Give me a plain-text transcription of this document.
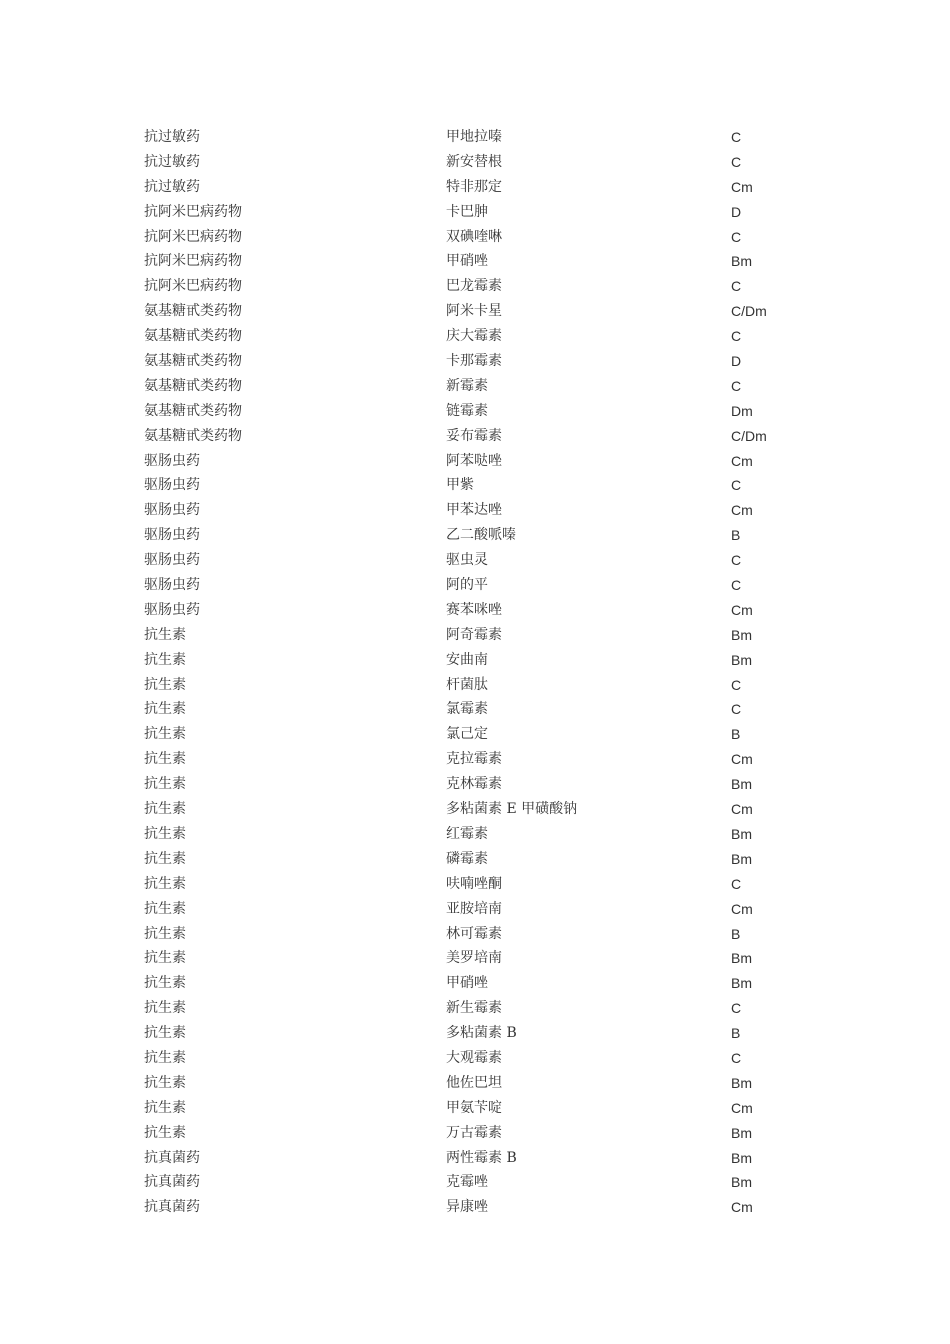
抗过敏药	甲地拉嗪	C
抗过敏药	新安替根	C
抗过敏药	特非那定	Cm
抗阿米巴病药物	卡巴胂	D
抗阿米巴病药物	双碘喹啉	C
抗阿米巴病药物	甲硝唑	Bm
抗阿米巴病药物	巴龙霉素	C
氨基糖甙类药物	阿米卡星	C/Dm
氨基糖甙类药物	庆大霉素	C
氨基糖甙类药物	卡那霉素	D
氨基糖甙类药物	新霉素	C
氨基糖甙类药物	链霉素	Dm
氨基糖甙类药物	妥布霉素	C/Dm
驱肠虫药	阿苯哒唑	Cm
驱肠虫药	甲紫	C
驱肠虫药	甲苯达唑	Cm
驱肠虫药	乙二酸哌嗪	B
驱肠虫药	驱虫灵	C
驱肠虫药	阿的平	C
驱肠虫药	赛苯咪唑	Cm
抗生素	阿奇霉素	Bm
抗生素	安曲南	Bm
抗生素	杆菌肽	C
抗生素	氯霉素	C
抗生素	氯己定	B
抗生素	克拉霉素	Cm
抗生素	克林霉素	Bm
抗生素	多粘菌素 E 甲磺酸钠	Cm
抗生素	红霉素	Bm
抗生素	磷霉素	Bm
抗生素	呋喃唑酮	C
抗生素	亚胺培南	Cm
抗生素	林可霉素	B
抗生素	美罗培南	Bm
抗生素	甲硝唑	Bm
抗生素	新生霉素	C
抗生素	多粘菌素 B	B
抗生素	大观霉素	C
抗生素	他佐巴坦	Bm
抗生素	甲氨苄啶	Cm
抗生素	万古霉素	Bm
抗真菌药	两性霉素 B	Bm
抗真菌药	克霉唑	Bm
抗真菌药	异康唑	Cm
